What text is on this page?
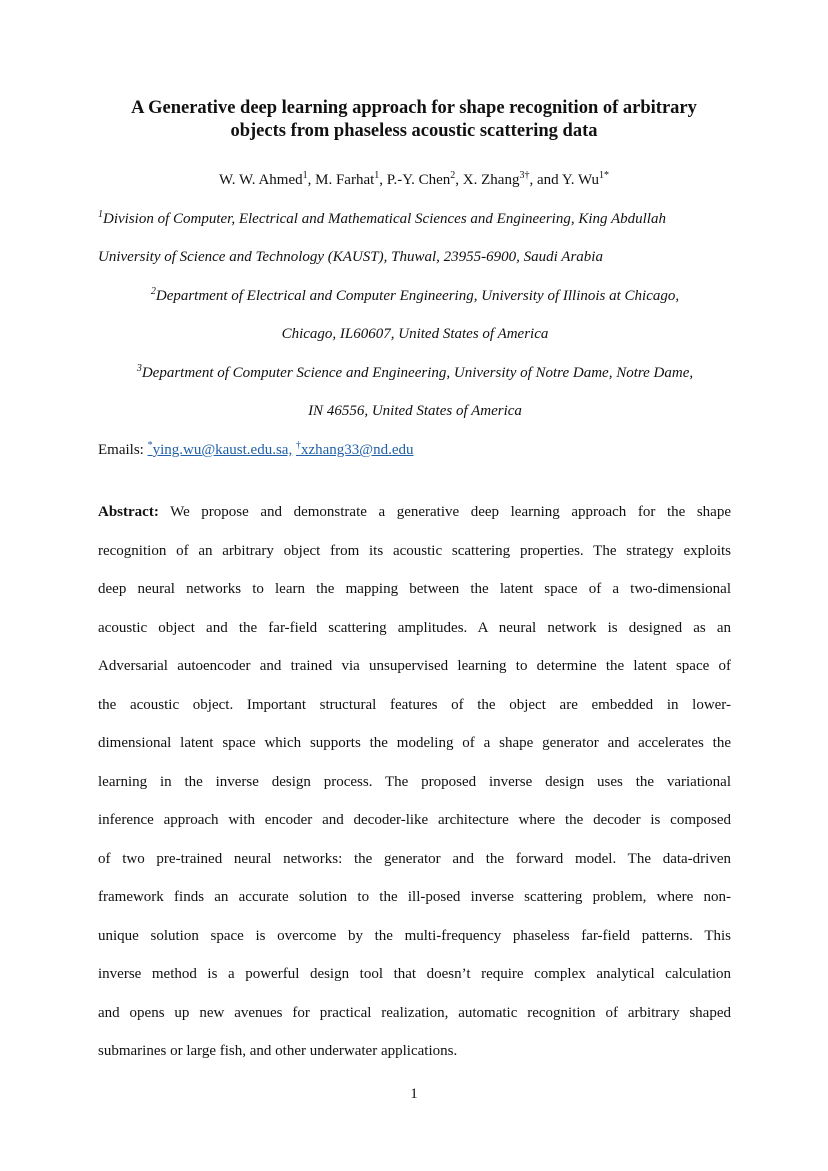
A Generative deep learning approach for shape recognition of arbitrary
objects from phaseless acoustic scattering data
W. W. Ahmed$^1$, M. Farhat$^1$, P.-Y. Chen$^2$, X. Zhang$^{3\dagger}$, and Y. $Wu^{1*}$
$^1$Division of Computer, Electrical and Mathematical Sciences and Engineering, King Abdullah
University of Science and Technology (KAUST), Thuwal, 23955-6900, Saudi Arabia
$^2$Department of Electrical and Computer Engineering, University of Illinois at Chicago,
Chicago, IL60607, United States of America
$^3$Department of Computer Science and Engineering, University of Notre Dame, Notre Dame,
IN 46556, United States of America
Emails: *ying.wu@kaust.edu.sa, †xzhang33@nd.edu
Abstract: We propose and demonstrate a generative deep learning approach for the shape
recognition of an arbitrary object from its acoustic scattering properties. The strategy exploits
deep neural networks to learn the mapping between the latent space of a two-dimensional
acoustic object and the far-field scattering amplitudes. A neural network is designed as an
Adversarial autoencoder and trained via unsupervised learning to determine the latent space of
the acoustic object. Important structural features of the object are embedded in lower-
dimensional latent space which supports the modeling of a shape generator and accelerates the
learning in the inverse design process. The proposed inverse design uses the variational
inference approach with encoder and decoder-like architecture where the decoder is composed
of two pre-trained neural networks: the generator and the forward model. The data-driven
framework finds an accurate solution to the ill-posed inverse scattering problem, where non-
unique solution space is overcome by the multi-frequency phaseless far-field patterns. This
inverse method is a powerful design tool that doesn’t require complex analytical calculation
and opens up new avenues for practical realization, automatic recognition of arbitrary shaped
submarines or large fish, and other underwater applications.
1
